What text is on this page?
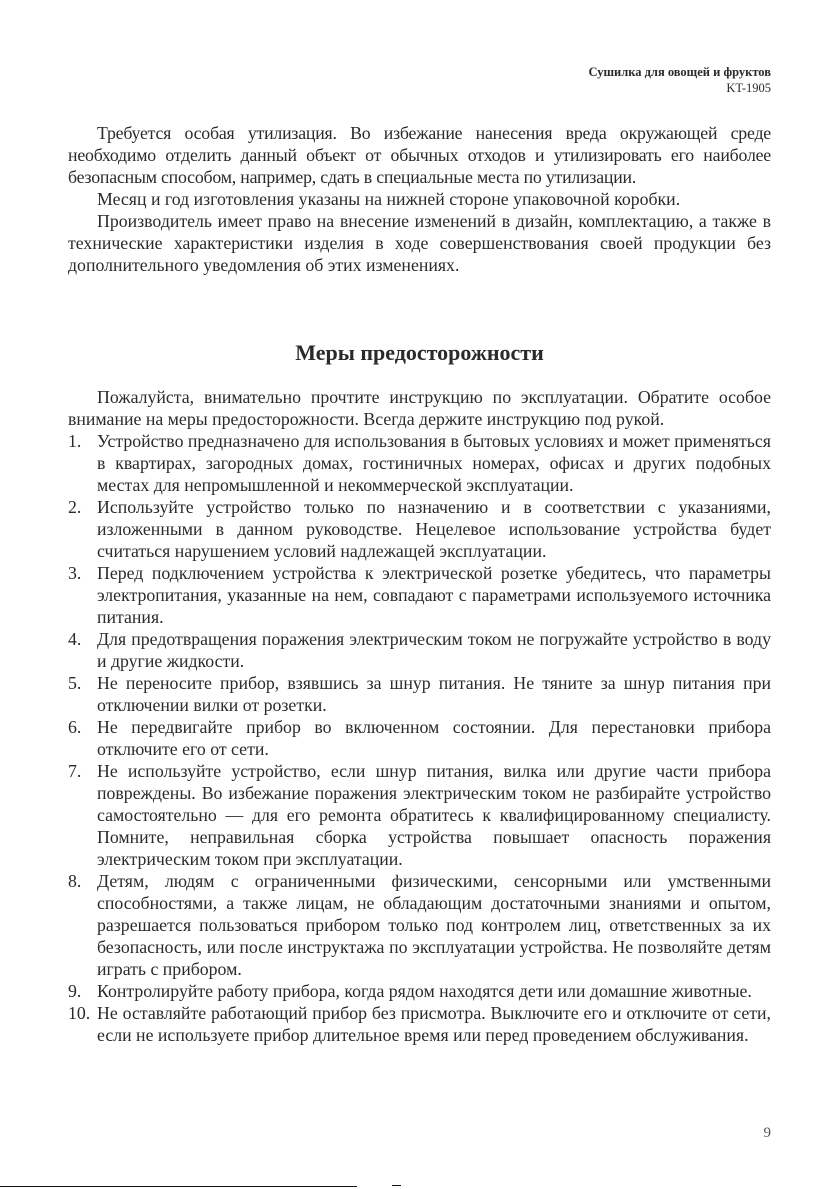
Сушилка для овощей и фруктов
KT-1905

Требуется особая утилизация. Во избежание нанесения вреда окружающей среде необходимо отделить данный объект от обычных отходов и утилизировать его наиболее безопасным способом, например, сдать в специальные места по утилизации.

Месяц и год изготовления указаны на нижней стороне упаковочной коробки.

Производитель имеет право на внесение изменений в дизайн, комплектацию, а также в технические характеристики изделия в ходе совершенствования своей продукции без дополнительного уведомления об этих изменениях.

Меры предосторожности

Пожалуйста, внимательно прочтите инструкцию по эксплуатации. Обратите особое внимание на меры предосторожности. Всегда держите инструкцию под рукой.

1. Устройство предназначено для использования в бытовых условиях и может применяться в квартирах, загородных домах, гостиничных номерах, офисах и других подобных местах для непромышленной и некоммерческой эксплуатации.
2. Используйте устройство только по назначению и в соответствии с указаниями, изложенными в данном руководстве. Нецелевое использование устройства будет считаться нарушением условий надлежащей эксплуатации.
3. Перед подключением устройства к электрической розетке убедитесь, что параметры электропитания, указанные на нем, совпадают с параметрами используемого источника питания.
4. Для предотвращения поражения электрическим током не погружайте устройство в воду и другие жидкости.
5. Не переносите прибор, взявшись за шнур питания. Не тяните за шнур питания при отключении вилки от розетки.
6. Не передвигайте прибор во включенном состоянии. Для перестановки прибора отключите его от сети.
7. Не используйте устройство, если шнур питания, вилка или другие части прибора повреждены. Во избежание поражения электрическим током не разбирайте устройство самостоятельно — для его ремонта обратитесь к квалифицированному специалисту. Помните, неправильная сборка устройства повышает опасность поражения электрическим током при эксплуатации.
8. Детям, людям с ограниченными физическими, сенсорными или умственными способностями, а также лицам, не обладающим достаточными знаниями и опытом, разрешается пользоваться прибором только под контролем лиц, ответственных за их безопасность, или после инструктажа по эксплуатации устройства. Не позволяйте детям играть с прибором.
9. Контролируйте работу прибора, когда рядом находятся дети или домашние животные.
10. Не оставляйте работающий прибор без присмотра. Выключите его и отключите от сети, если не используете прибор длительное время или перед проведением обслуживания.
9
